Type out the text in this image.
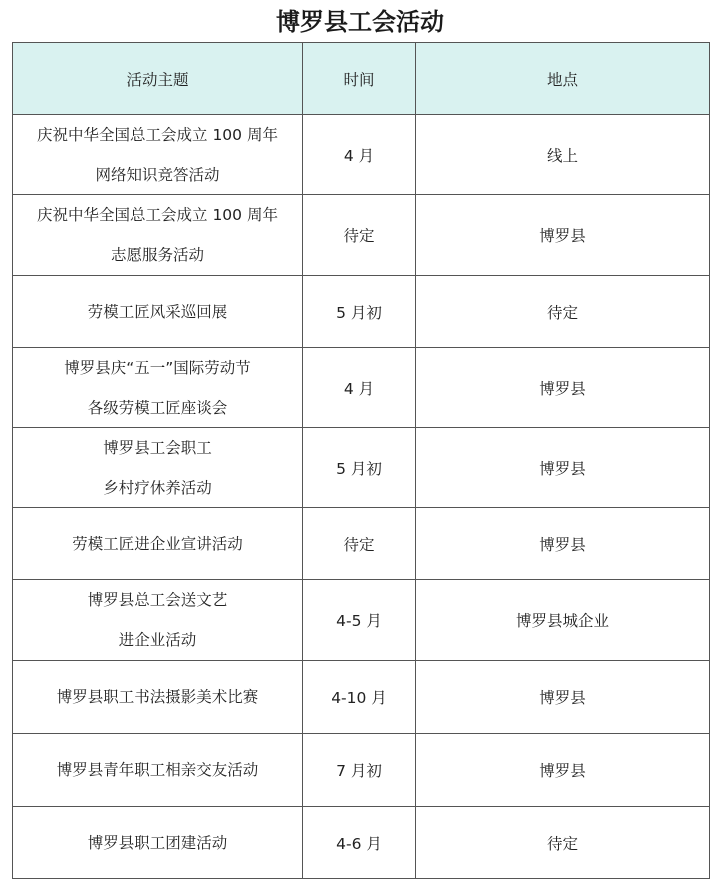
博罗县工会活动
活动主题	时间	地点

庆祝中华全国总工会成立 100 周年
网络知识竞答活动	4 月	线上

庆祝中华全国总工会成立 100 周年
志愿服务活动	待定	博罗县

劳模工匠风采巡回展	5 月初	待定

博罗县庆“五一”国际劳动节
各级劳模工匠座谈会	4 月	博罗县

博罗县工会职工
乡村疗休养活动	5 月初	博罗县

劳模工匠进企业宣讲活动	待定	博罗县

博罗县总工会送文艺
进企业活动	4-5 月	博罗县城企业

博罗县职工书法摄影美术比赛	4-10 月	博罗县

博罗县青年职工相亲交友活动	7 月初	博罗县

博罗县职工团建活动	4-6 月	待定
